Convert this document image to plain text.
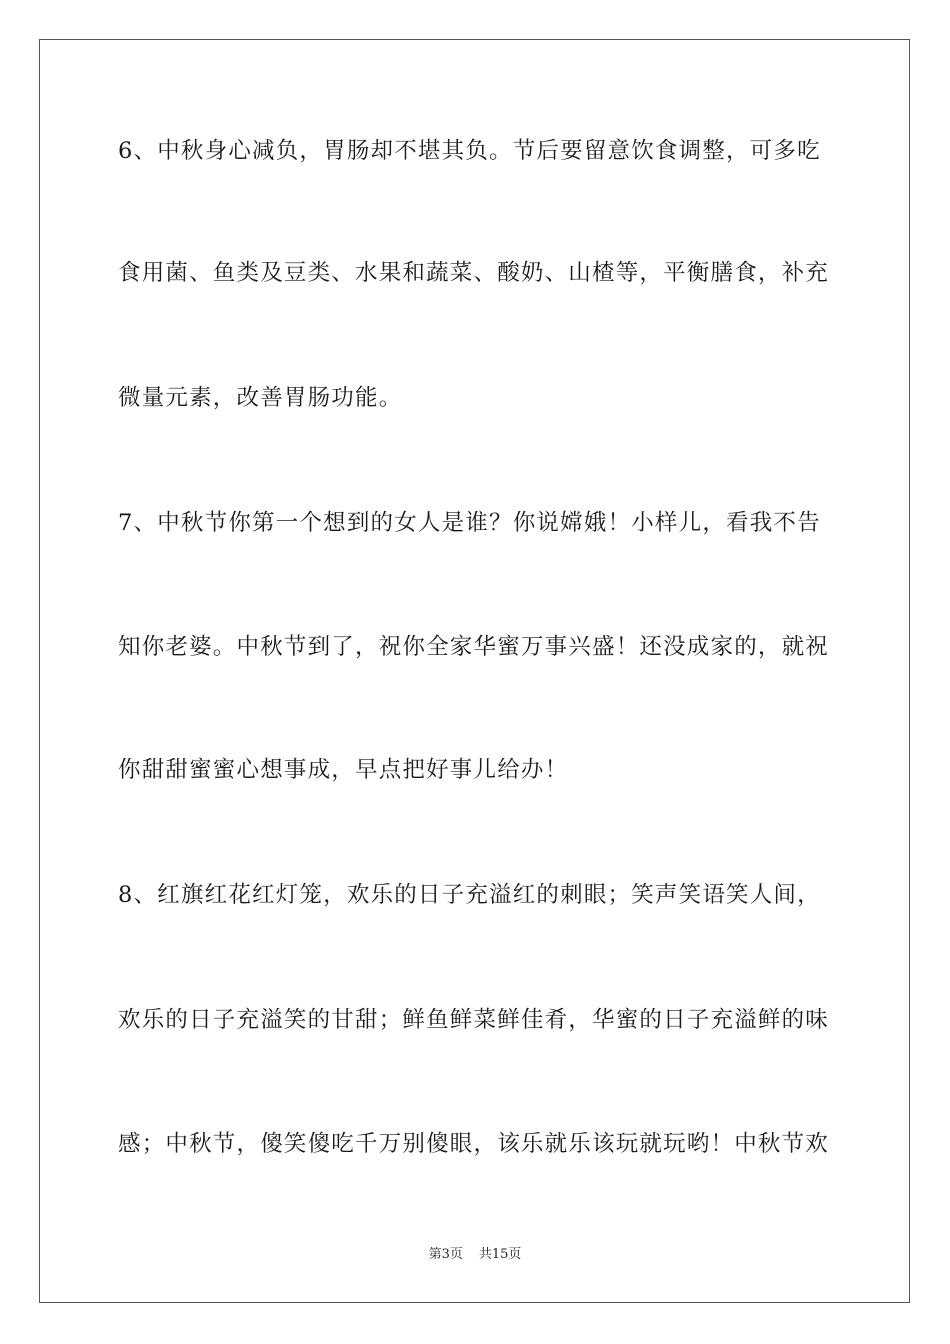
6、中秋身心减负，胃肠却不堪其负。节后要留意饮食调整，可多吃
食用菌、鱼类及豆类、水果和蔬菜、酸奶、山楂等，平衡膳食，补充
微量元素，改善胃肠功能。
7、中秋节你第一个想到的女人是谁？你说嫦娥！小样儿，看我不告
知你老婆。中秋节到了，祝你全家华蜜万事兴盛！还没成家的，就祝
你甜甜蜜蜜心想事成，早点把好事儿给办！
8、红旗红花红灯笼，欢乐的日子充溢红的刺眼；笑声笑语笑人间，
欢乐的日子充溢笑的甘甜；鲜鱼鲜菜鲜佳肴，华蜜的日子充溢鲜的味
感；中秋节，傻笑傻吃千万别傻眼，该乐就乐该玩就玩哟！中秋节欢
第3页 共15页
